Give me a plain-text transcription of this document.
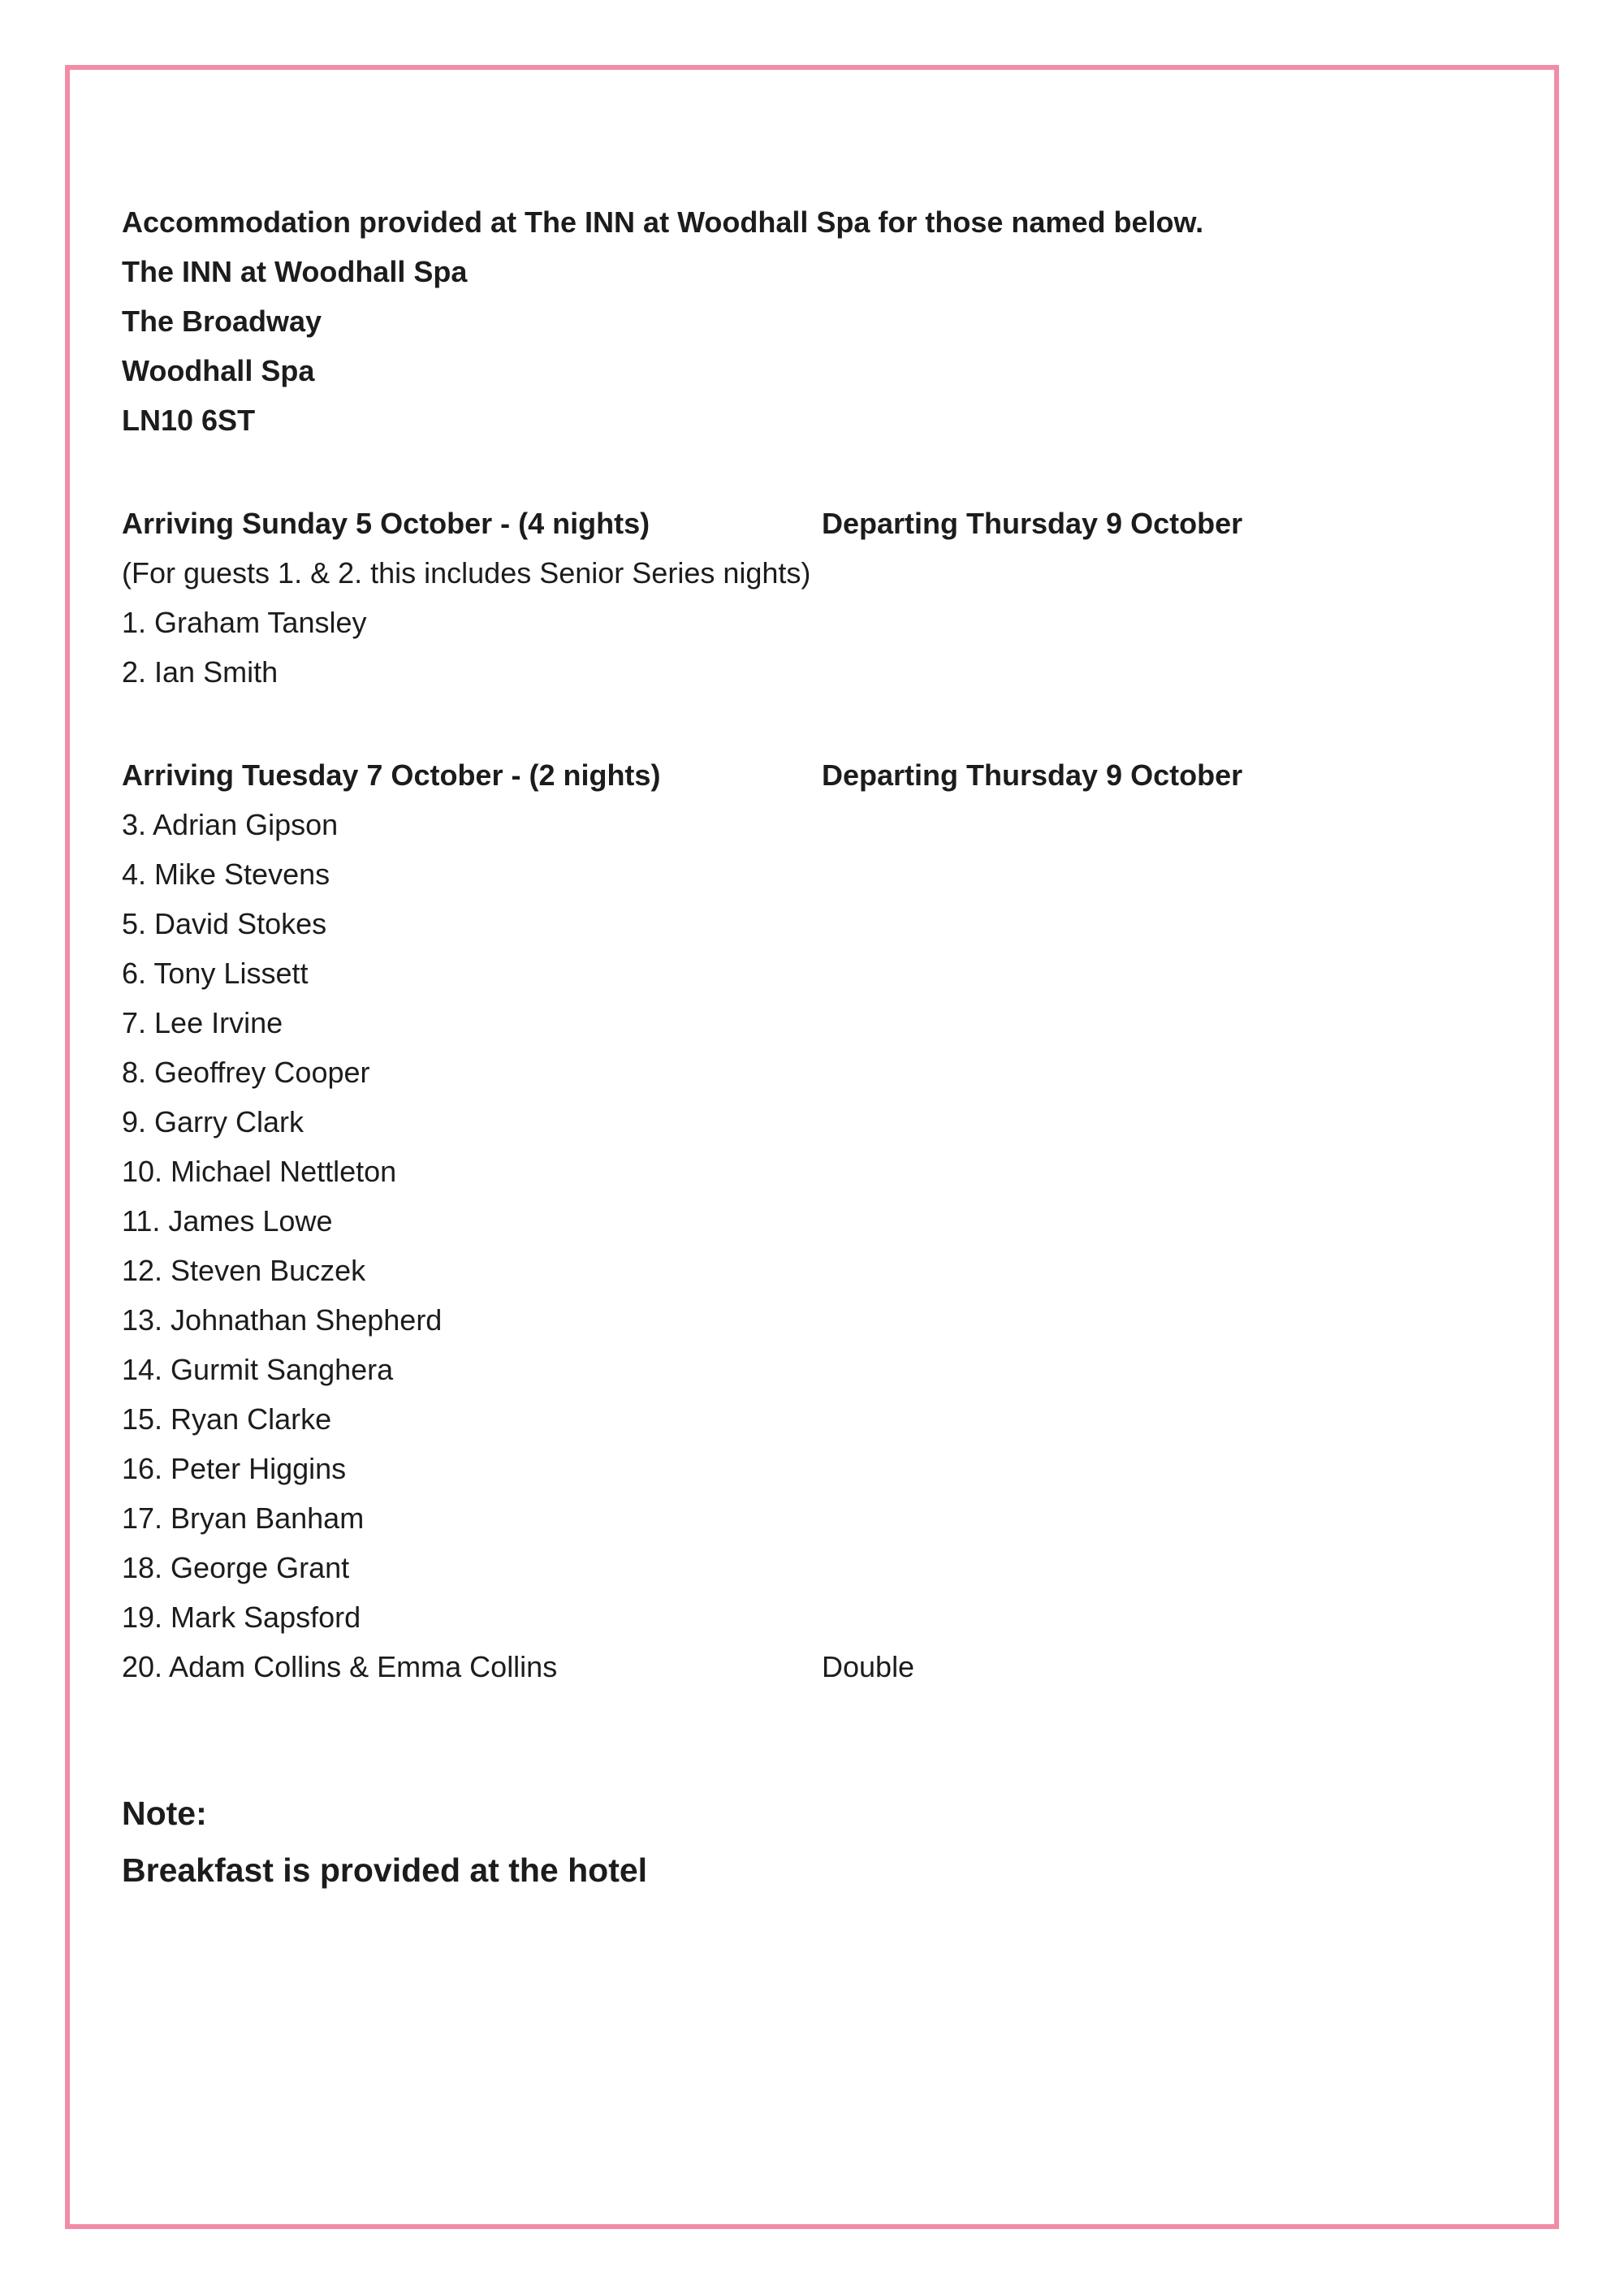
Accommodation provided at The INN at Woodhall Spa for those named below.
The INN at Woodhall Spa
The Broadway
Woodhall Spa
LN10 6ST
Arriving Sunday 5 October - (4 nights)	Departing Thursday 9 October
(For guests 1. & 2. this includes Senior Series nights)
1. Graham Tansley
2. Ian Smith
Arriving Tuesday 7 October - (2 nights)	Departing Thursday 9 October
3. Adrian Gipson
4. Mike Stevens
5. David Stokes
6. Tony Lissett
7. Lee Irvine
8. Geoffrey Cooper
9. Garry Clark
10. Michael Nettleton
11. James Lowe
12. Steven Buczek
13. Johnathan Shepherd
14. Gurmit Sanghera
15. Ryan Clarke
16. Peter Higgins
17. Bryan Banham
18. George Grant
19. Mark Sapsford
20. Adam Collins & Emma Collins	Double
Note:
Breakfast is provided at the hotel
